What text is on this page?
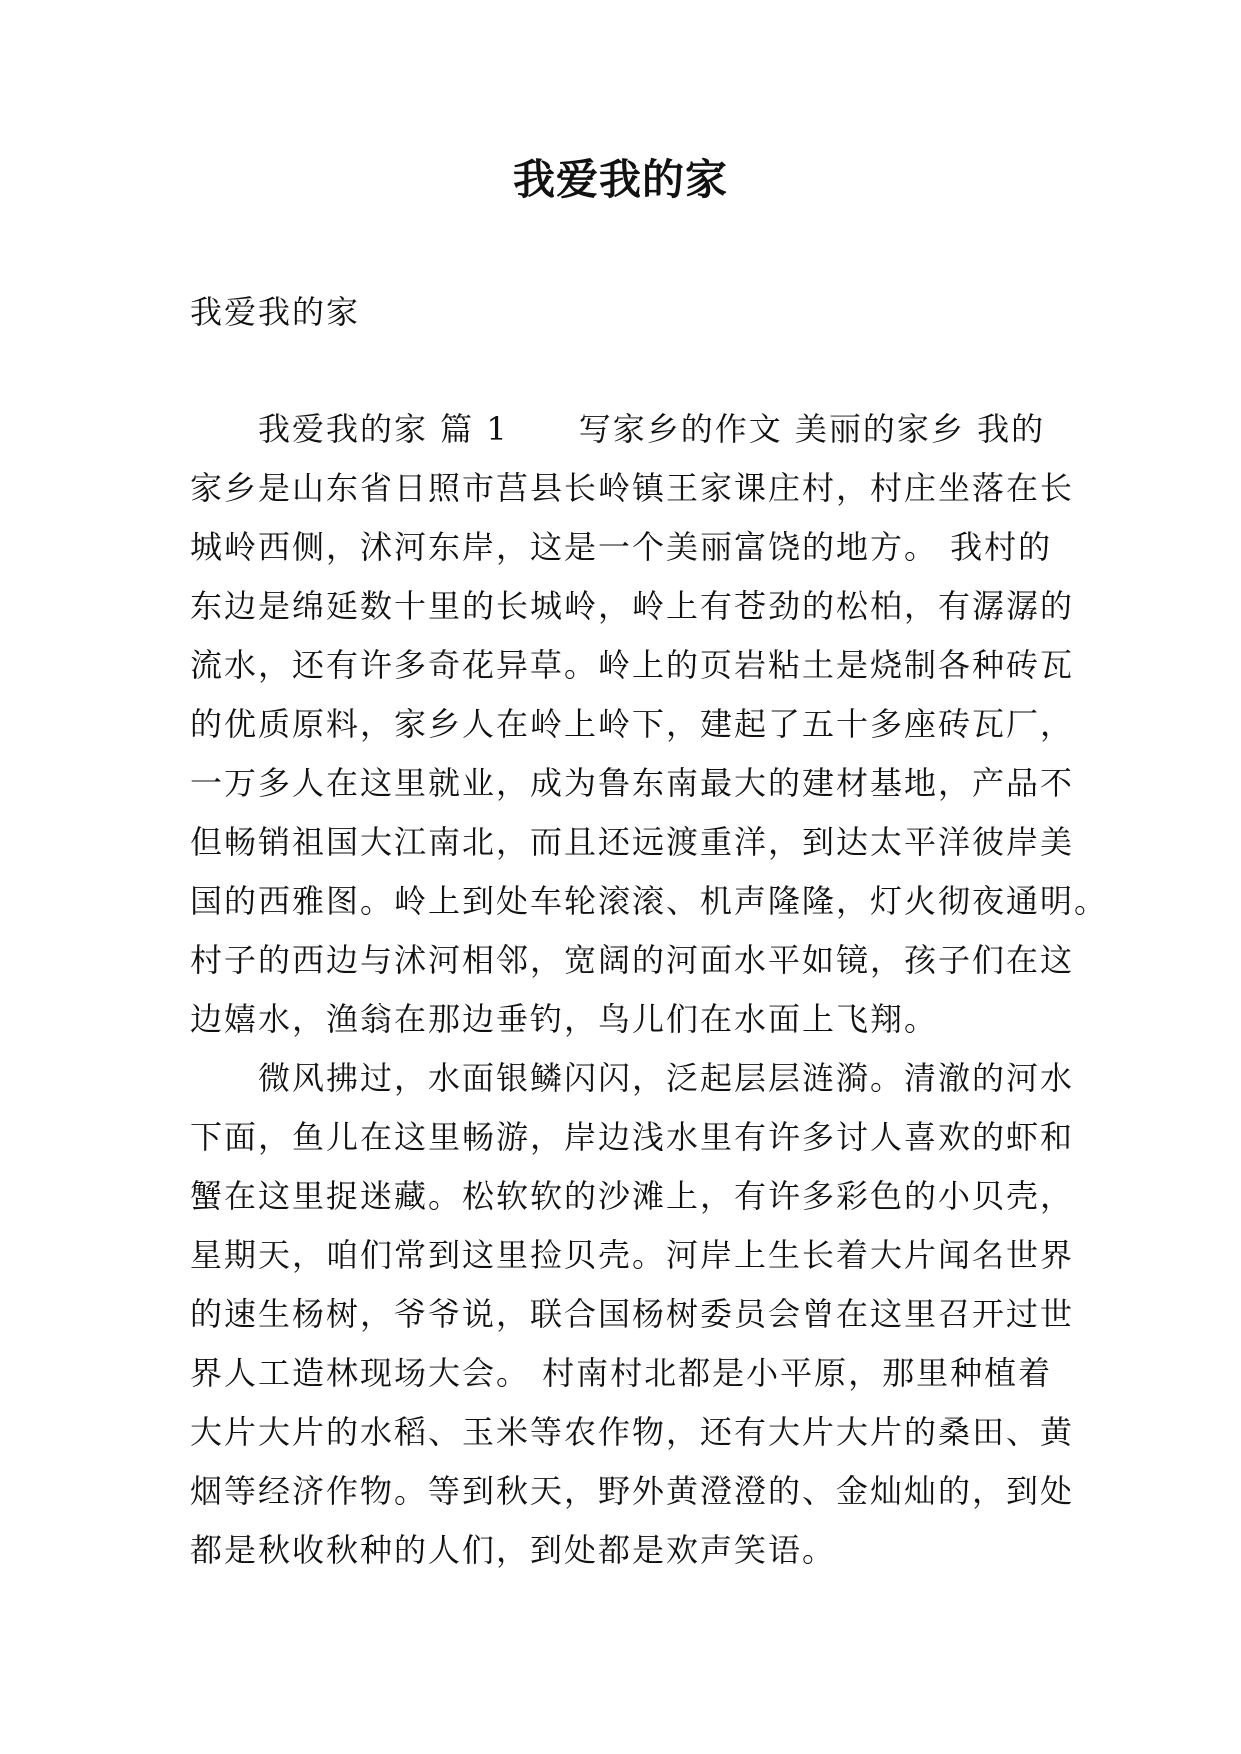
我爱我的家
我爱我的家
我爱我的家 篇 1 写家乡的作文 美丽的家乡 我的
家乡是山东省日照市莒县长岭镇王家课庄村，村庄坐落在长
城岭西侧，沭河东岸，这是一个美丽富饶的地方。 我村的
东边是绵延数十里的长城岭，岭上有苍劲的松柏，有潺潺的
流水，还有许多奇花异草。岭上的页岩粘土是烧制各种砖瓦
的优质原料，家乡人在岭上岭下，建起了五十多座砖瓦厂，
一万多人在这里就业，成为鲁东南最大的建材基地，产品不
但畅销祖国大江南北，而且还远渡重洋，到达太平洋彼岸美
国的西雅图。岭上到处车轮滚滚、机声隆隆，灯火彻夜通明。
村子的西边与沭河相邻，宽阔的河面水平如镜，孩子们在这
边嬉水，渔翁在那边垂钓，鸟儿们在水面上飞翔。
微风拂过，水面银鳞闪闪，泛起层层涟漪。清澈的河水
下面，鱼儿在这里畅游，岸边浅水里有许多讨人喜欢的虾和
蟹在这里捉迷藏。松软软的沙滩上，有许多彩色的小贝壳，
星期天，咱们常到这里捡贝壳。河岸上生长着大片闻名世界
的速生杨树，爷爷说，联合国杨树委员会曾在这里召开过世
界人工造林现场大会。 村南村北都是小平原，那里种植着
大片大片的水稻、玉米等农作物，还有大片大片的桑田、黄
烟等经济作物。等到秋天，野外黄澄澄的、金灿灿的，到处
都是秋收秋种的人们，到处都是欢声笑语。
